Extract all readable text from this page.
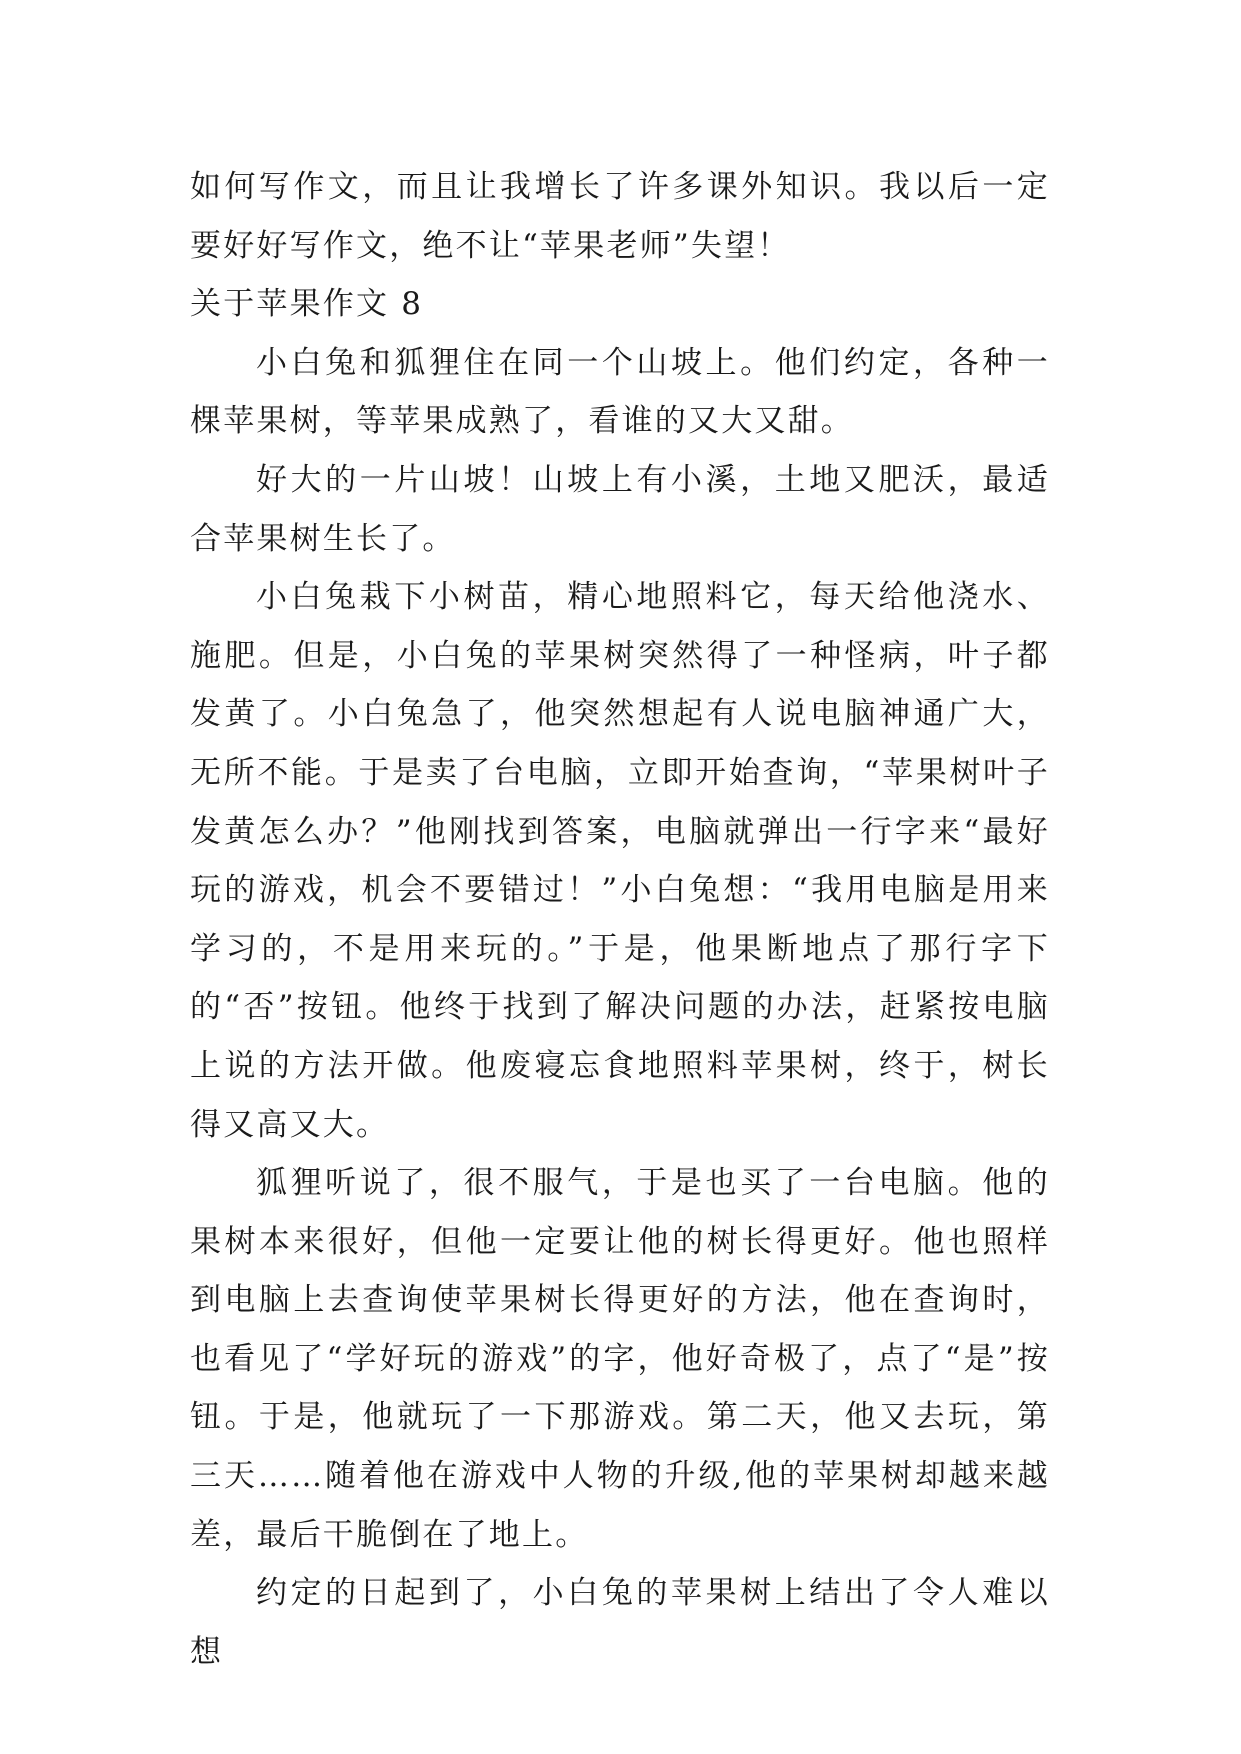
如何写作文，而且让我增长了许多课外知识。我以后一定要好好写作文，绝不让“苹果老师”失望！

关于苹果作文 8

小白兔和狐狸住在同一个山坡上。他们约定，各种一棵苹果树，等苹果成熟了，看谁的又大又甜。

好大的一片山坡！山坡上有小溪，土地又肥沃，最适合苹果树生长了。

小白兔栽下小树苗，精心地照料它，每天给他浇水、施肥。但是，小白兔的苹果树突然得了一种怪病，叶子都发黄了。小白兔急了，他突然想起有人说电脑神通广大，无所不能。于是卖了台电脑，立即开始查询，“苹果树叶子发黄怎么办？”他刚找到答案，电脑就弹出一行字来“最好玩的游戏，机会不要错过！”小白兔想：“我用电脑是用来学习的，不是用来玩的。”于是，他果断地点了那行字下的“否”按钮。他终于找到了解决问题的办法，赶紧按电脑上说的方法开做。他废寝忘食地照料苹果树，终于，树长得又高又大。

狐狸听说了，很不服气，于是也买了一台电脑。他的果树本来很好，但他一定要让他的树长得更好。他也照样到电脑上去查询使苹果树长得更好的方法，他在查询时，也看见了“学好玩的游戏”的字，他好奇极了，点了“是”按钮。于是，他就玩了一下那游戏。第二天，他又去玩，第三天……随着他在游戏中人物的升级,他的苹果树却越来越差，最后干脆倒在了地上。

约定的日起到了，小白兔的苹果树上结出了令人难以想
